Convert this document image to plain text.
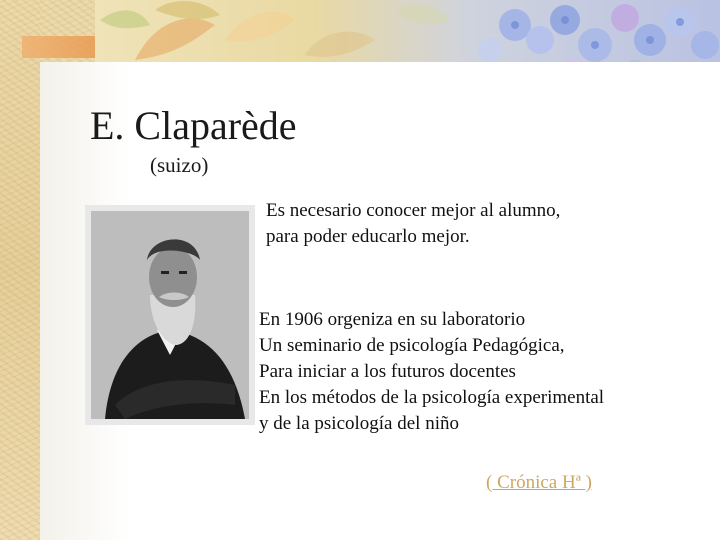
E. Claparède
(suizo)
Es necesario conocer mejor al alumno,
para poder educarlo mejor.
En 1906 orgeniza en su laboratorio
Un seminario de psicología Pedagógica,
Para iniciar a los futuros docentes
En los métodos de la psicología experimental
y de la psicología del niño
( Crónica Hª )
